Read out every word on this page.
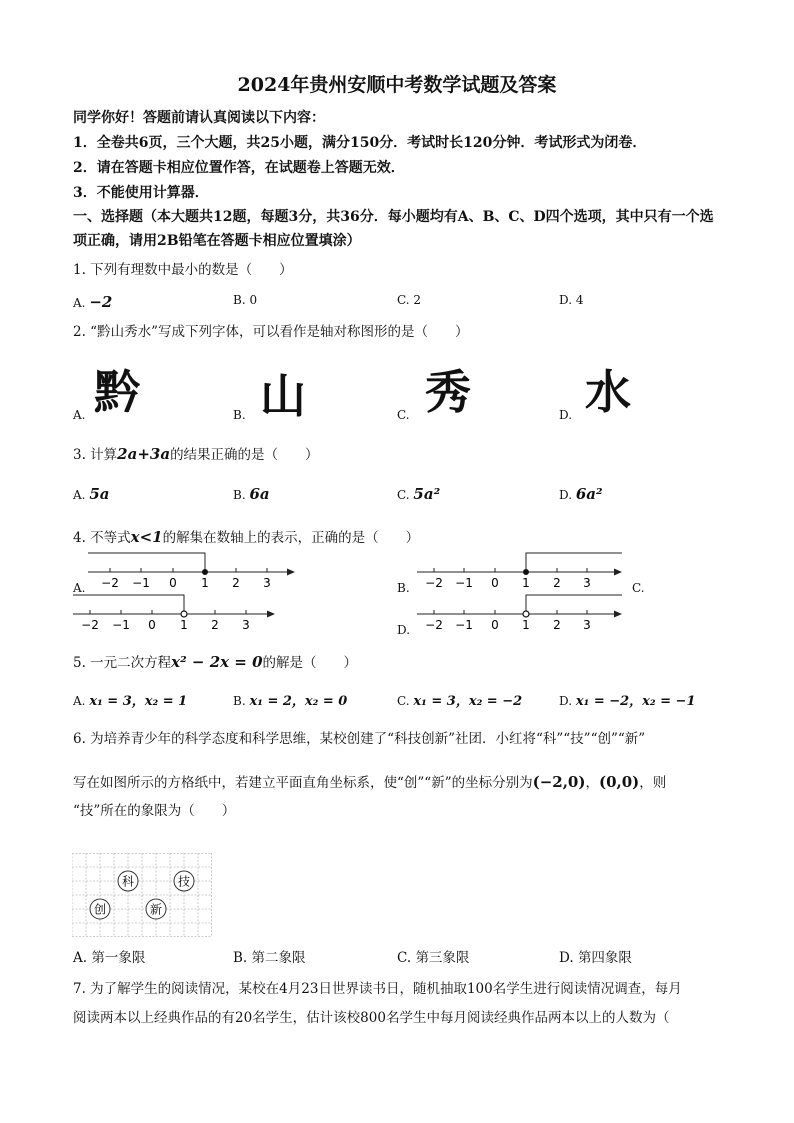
2024年贵州安顺中考数学试题及答案
同学你好！答题前请认真阅读以下内容：
1．全卷共6页，三个大题，共25小题，满分150分．考试时长120分钟．考试形式为闭卷．
2．请在答题卡相应位置作答，在试题卷上答题无效．
3．不能使用计算器．
一、选择题（本大题共12题，每题3分，共36分．每小题均有A、B、C、D四个选项，其中只有一个选
项正确，请用2B铅笔在答题卡相应位置填涂）
1. 下列有理数中最小的数是（　　）
A. −2	B. 0	C. 2	D. 4
2. “黔山秀水”写成下列字体，可以看作是轴对称图形的是（　　）
黔	山	秀 水
A.	B.	C.	D.
3. 计算2a+3a的结果正确的是（　　）
A. 5a	B. 6a	C. 5a²	D. 6a²
4. 不等式x<1的解集在数轴上的表示，正确的是（　　）
A.	B.	C.
D.
−2 −1 0 1 2 3	−2 −1 0 1 2 3
−2 −1 0 1 2 3	−2 −1 0 1 2 3
5. 一元二次方程x² − 2x = 0的解是（　　）
A. x₁ = 3，x₂ = 1	B. x₁ = 2，x₂ = 0	C. x₁ = 3，x₂ = −2	D. x₁ = −2，x₂ = −1
6. 为培养青少年的科学态度和科学思维，某校创建了“科技创新”社团．小红将“科”“技”“创”“新”
写在如图所示的方格纸中，若建立平面直角坐标系，使“创”“新”的坐标分别为(−2,0)，(0,0)，则
“技”所在的象限为（　　）
科	技
创	新
A. 第一象限	B. 第二象限	C. 第三象限	D. 第四象限
7. 为了解学生的阅读情况，某校在4月23日世界读书日，随机抽取100名学生进行阅读情况调查，每月
阅读两本以上经典作品的有20名学生，估计该校800名学生中每月阅读经典作品两本以上的人数为（
